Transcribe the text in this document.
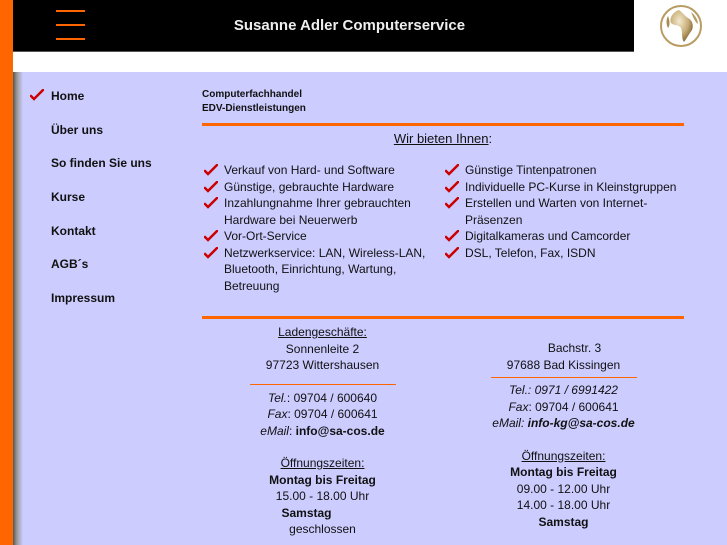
Susanne Adler Computerservice
Home
Über uns
So finden Sie uns
Kurse
Kontakt
AGB´s
Impressum
Computerfachhandel
EDV-Dienstleistungen
Wir bieten Ihnen:
Verkauf von Hard- und Software
Günstige, gebrauchte Hardware
Inzahlungnahme Ihrer gebrauchten Hardware bei Neuerwerb
Vor-Ort-Service
Netzwerkservice: LAN, Wireless-LAN, Bluetooth, Einrichtung, Wartung, Betreuung
Günstige Tintenpatronen
Individuelle PC-Kurse in Kleinstgruppen
Erstellen und Warten von Internet-Präsenzen
Digitalkameras und Camcorder
DSL, Telefon, Fax, ISDN
Ladengeschäfte:
Sonnenleite 2
97723 Wittershausen
Tel.: 09704 / 600640
Fax: 09704 / 600641
eMail: info@sa-cos.de
Öffnungszeiten:
Montag bis Freitag
15.00 - 18.00 Uhr
Samstag
geschlossen
Bachstr. 3
97688 Bad Kissingen
Tel.: 0971 / 6991422
Fax: 09704 / 600641
eMail: info-kg@sa-cos.de
Öffnungszeiten:
Montag bis Freitag
09.00 - 12.00 Uhr
14.00 - 18.00 Uhr
Samstag
